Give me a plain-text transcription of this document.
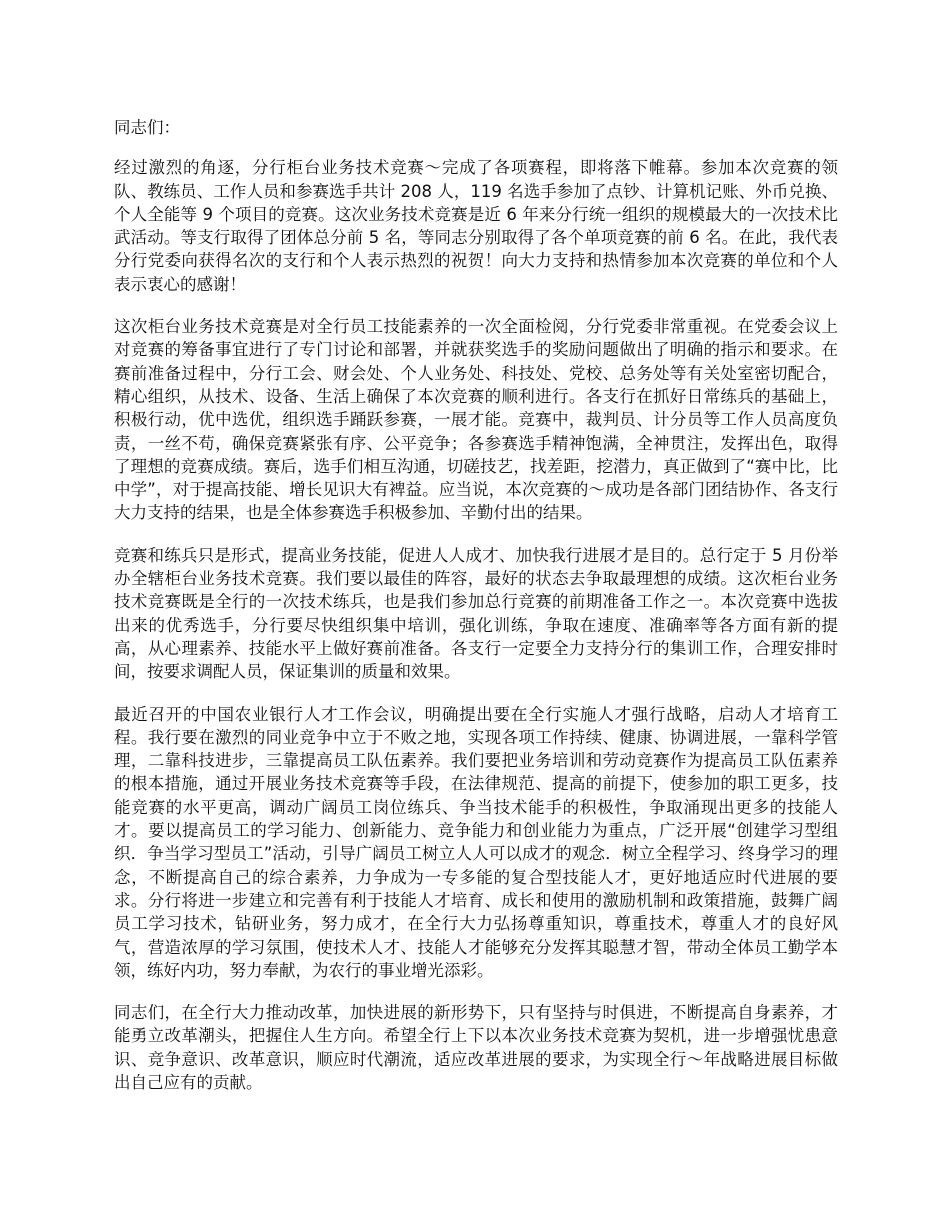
同志们：

经过激烈的角逐，分行柜台业务技术竞赛～完成了各项赛程，即将落下帷幕。参加本次竞赛的领队、教练员、工作人员和参赛选手共计 208 人，119 名选手参加了点钞、计算机记账、外币兑换、个人全能等 9 个项目的竞赛。这次业务技术竞赛是近 6 年来分行统一组织的规模最大的一次技术比武活动。等支行取得了团体总分前 5 名，等同志分别取得了各个单项竞赛的前 6 名。在此，我代表分行党委向获得名次的支行和个人表示热烈的祝贺！向大力支持和热情参加本次竞赛的单位和个人表示衷心的感谢！

这次柜台业务技术竞赛是对全行员工技能素养的一次全面检阅，分行党委非常重视。在党委会议上对竞赛的筹备事宜进行了专门讨论和部署，并就获奖选手的奖励问题做出了明确的指示和要求。在赛前准备过程中，分行工会、财会处、个人业务处、科技处、党校、总务处等有关处室密切配合，精心组织，从技术、设备、生活上确保了本次竞赛的顺利进行。各支行在抓好日常练兵的基础上，积极行动，优中选优，组织选手踊跃参赛，一展才能。竞赛中，裁判员、计分员等工作人员高度负责，一丝不苟，确保竞赛紧张有序、公平竞争；各参赛选手精神饱满，全神贯注，发挥出色，取得了理想的竞赛成绩。赛后，选手们相互沟通，切磋技艺，找差距，挖潜力，真正做到了“赛中比，比中学”，对于提高技能、增长见识大有裨益。应当说，本次竞赛的～成功是各部门团结协作、各支行大力支持的结果，也是全体参赛选手积极参加、辛勤付出的结果。

竞赛和练兵只是形式，提高业务技能，促进人人成才、加快我行进展才是目的。总行定于 5 月份举办全辖柜台业务技术竞赛。我们要以最佳的阵容，最好的状态去争取最理想的成绩。这次柜台业务技术竞赛既是全行的一次技术练兵，也是我们参加总行竞赛的前期准备工作之一。本次竞赛中选拔出来的优秀选手，分行要尽快组织集中培训，强化训练，争取在速度、准确率等各方面有新的提高，从心理素养、技能水平上做好赛前准备。各支行一定要全力支持分行的集训工作，合理安排时间，按要求调配人员，保证集训的质量和效果。

最近召开的中国农业银行人才工作会议，明确提出要在全行实施人才强行战略，启动人才培育工程。我行要在激烈的同业竞争中立于不败之地，实现各项工作持续、健康、协调进展，一靠科学管理，二靠科技进步，三靠提高员工队伍素养。我们要把业务培训和劳动竞赛作为提高员工队伍素养的根本措施，通过开展业务技术竞赛等手段，在法律规范、提高的前提下，使参加的职工更多，技能竞赛的水平更高，调动广阔员工岗位练兵、争当技术能手的积极性，争取涌现出更多的技能人才。要以提高员工的学习能力、创新能力、竞争能力和创业能力为重点，广泛开展“创建学习型组织．争当学习型员工”活动，引导广阔员工树立人人可以成才的观念．树立全程学习、终身学习的理念，不断提高自己的综合素养，力争成为一专多能的复合型技能人才，更好地适应时代进展的要求。分行将进一步建立和完善有利于技能人才培育、成长和使用的激励机制和政策措施，鼓舞广阔员工学习技术，钻研业务，努力成才，在全行大力弘扬尊重知识，尊重技术，尊重人才的良好风气，营造浓厚的学习氛围，使技术人才、技能人才能够充分发挥其聪慧才智，带动全体员工勤学本领，练好内功，努力奉献，为农行的事业增光添彩。

同志们，在全行大力推动改革，加快进展的新形势下，只有坚持与时俱进，不断提高自身素养，才能勇立改革潮头，把握住人生方向。希望全行上下以本次业务技术竞赛为契机，进一步增强忧患意识、竞争意识、改革意识，顺应时代潮流，适应改革进展的要求，为实现全行～年战略进展目标做出自己应有的贡献。
